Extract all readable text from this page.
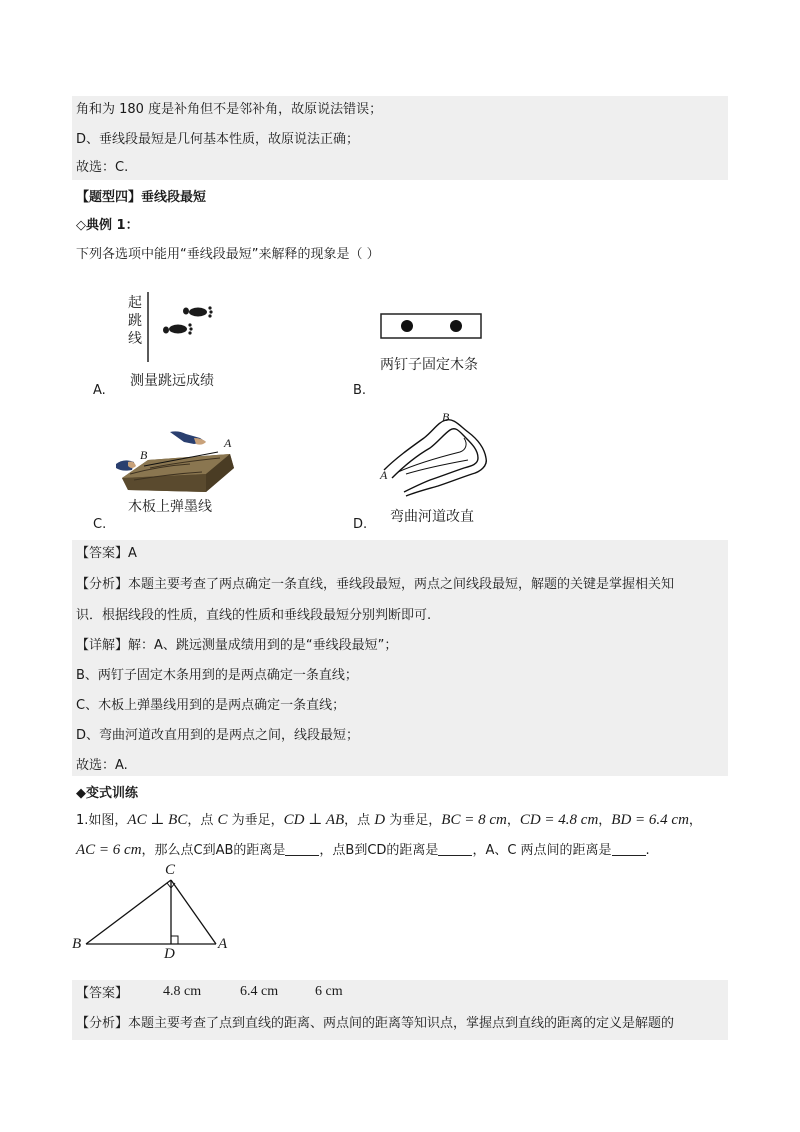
角和为 180 度是补角但不是邻补角，故原说法错误；
D、垂线段最短是几何基本性质，故原说法正确；
故选：C.
【题型四】垂线段最短
◇典例 1：
下列各选项中能用“垂线段最短”来解释的现象是（ ）
起
跳
线
测量跳远成绩
A.
两钉子固定木条
B.
B
A
木板上弹墨线
C.
B
A
弯曲河道改直
D.
【答案】A
【分析】本题主要考查了两点确定一条直线，垂线段最短，两点之间线段最短，解题的关键是掌握相关知
识．根据线段的性质，直线的性质和垂线段最短分别判断即可.
【详解】解：A、跳远测量成绩用到的是“垂线段最短”；
B、两钉子固定木条用到的是两点确定一条直线；
C、木板上弹墨线用到的是两点确定一条直线；
D、弯曲河道改直用到的是两点之间，线段最短；
故选：A.
◆变式训练
1.如图，AC ⊥ BC，点 C 为垂足，CD ⊥ AB，点 D 为垂足，BC = 8 cm，CD = 4.8 cm，BD = 6.4 cm，
AC = 6 cm，那么点C到AB的距离是	，点B到CD的距离是	，A、C 两点间的距离是	.
C
B	A
D
【答案】 4.8 cm	6.4 cm	6 cm
【分析】本题主要考查了点到直线的距离、两点间的距离等知识点，掌握点到直线的距离的定义是解题的
